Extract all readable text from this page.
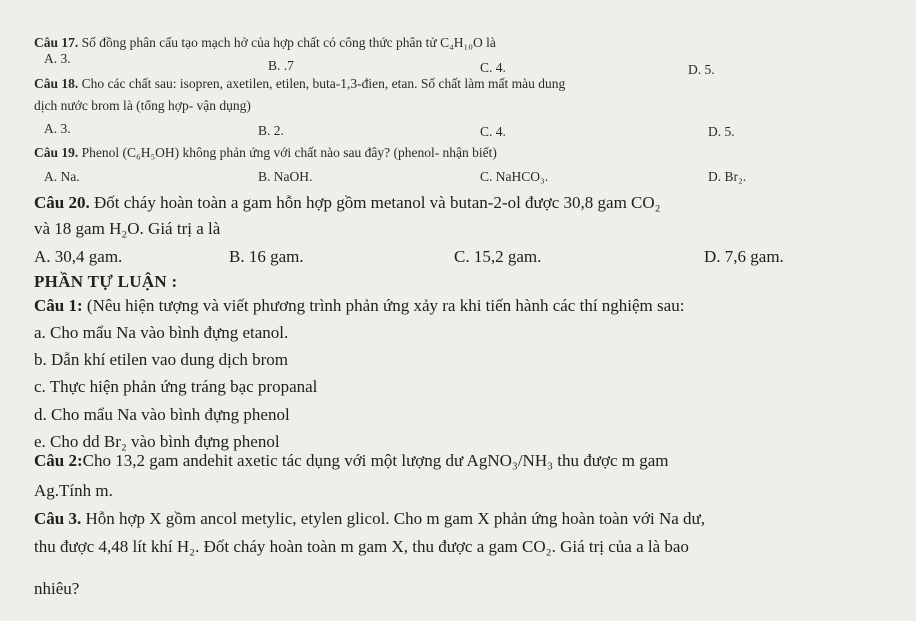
Câu 17. Số đồng phân cấu tạo mạch hở của hợp chất có công thức phân tử C₄H₁₀O là
A. 3.	B. .7	C. 4.	D. 5.
Câu 18. Cho các chất sau: isopren, axetilen, etilen, buta-1,3-đien, etan. Số chất làm mất màu dung
dịch nước brom là (tổng hợp- vận dụng)
A. 3.	B. 2.	C. 4.	D. 5.
Câu 19. Phenol (C₆H₅OH) không phản ứng với chất nào sau đây? (phenol- nhận biết)
A. Na.	B. NaOH.	C. NaHCO₃.	D. Br₂.
Câu 20. Đốt cháy hoàn toàn a gam hỗn hợp gồm metanol và butan-2-ol được 30,8 gam CO₂
và 18 gam H₂O. Giá trị a là
A. 30,4 gam.	B. 16 gam.	C. 15,2 gam.	D. 7,6 gam.
PHẦN TỰ LUẬN :
Câu 1: (Nêu hiện tượng và viết phương trình phản ứng xảy ra khi tiến hành các thí nghiệm sau:
a. Cho mẩu Na vào bình đựng etanol.
b. Dẫn khí etilen vao dung dịch brom
c. Thực hiện phản ứng tráng bạc propanal
d. Cho mẩu Na vào bình đựng phenol
e. Cho dd Br₂ vào bình đựng phenol
Câu 2:Cho 13,2 gam andehit axetic tác dụng với một lượng dư AgNO₃/NH₃ thu được m gam
Ag.Tính m.
Câu 3. Hỗn hợp X gồm ancol metylic, etylen glicol. Cho m gam X phản ứng hoàn toàn với Na dư,
thu được 4,48 lít khí H₂. Đốt cháy hoàn toàn m gam X, thu được a gam CO₂. Giá trị của a là bao
nhiêu?
